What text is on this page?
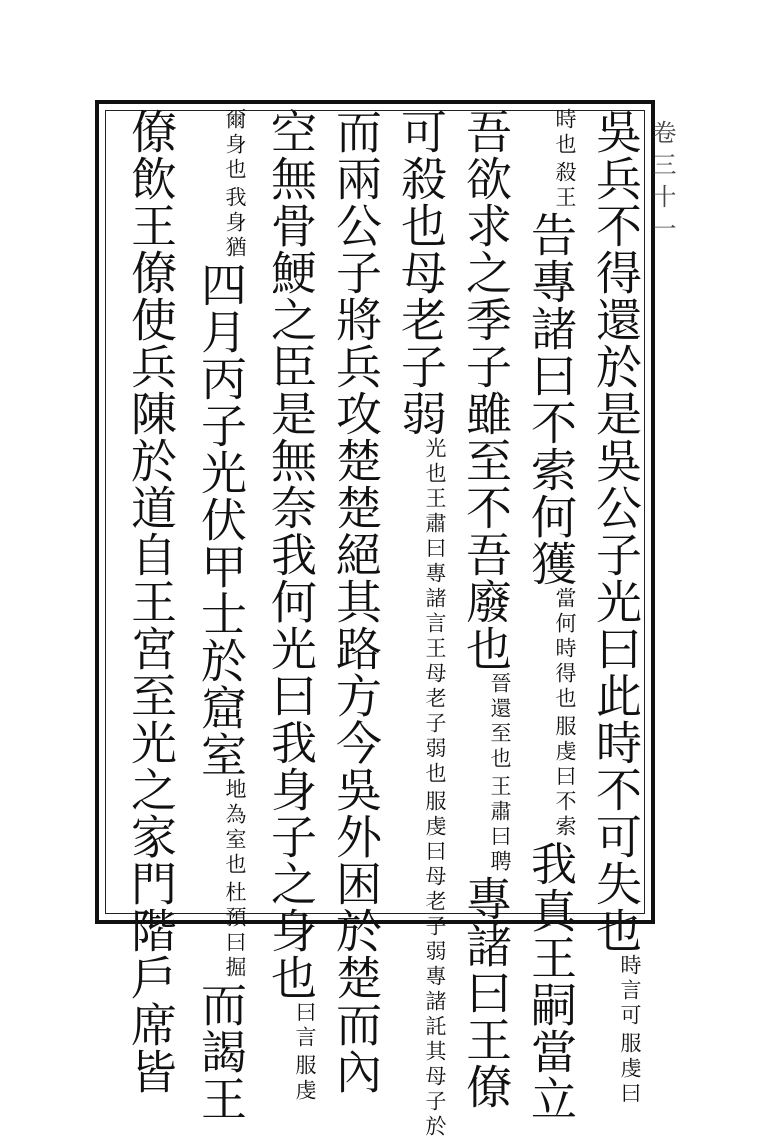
卷三十一
吳兵不得還於是吳公子光曰此時不可失也
服虔曰
時言可
殺王
時也
告專諸曰不索何獲
服虔曰不索
當何時得也
我真王嗣當立
吾欲求之季子雖至不吾廢也
王肅曰聘
晉還至也
專諸曰王僚
可殺也母老子弱
服虔曰母老子弱專諸託其母子於
光也王肅曰專諸言王母老子弱也
而兩公子將兵攻楚楚絕其路方今吳外困於楚而內
空無骨鯁之臣是無奈我何光曰我身子之身也
服虔
曰言
我身猶
爾身也
四月丙子光伏甲士於窟室
杜預曰掘
地為室也
而謁王
僚飲王僚使兵陳於道自王宮至光之家門階戶席皆
